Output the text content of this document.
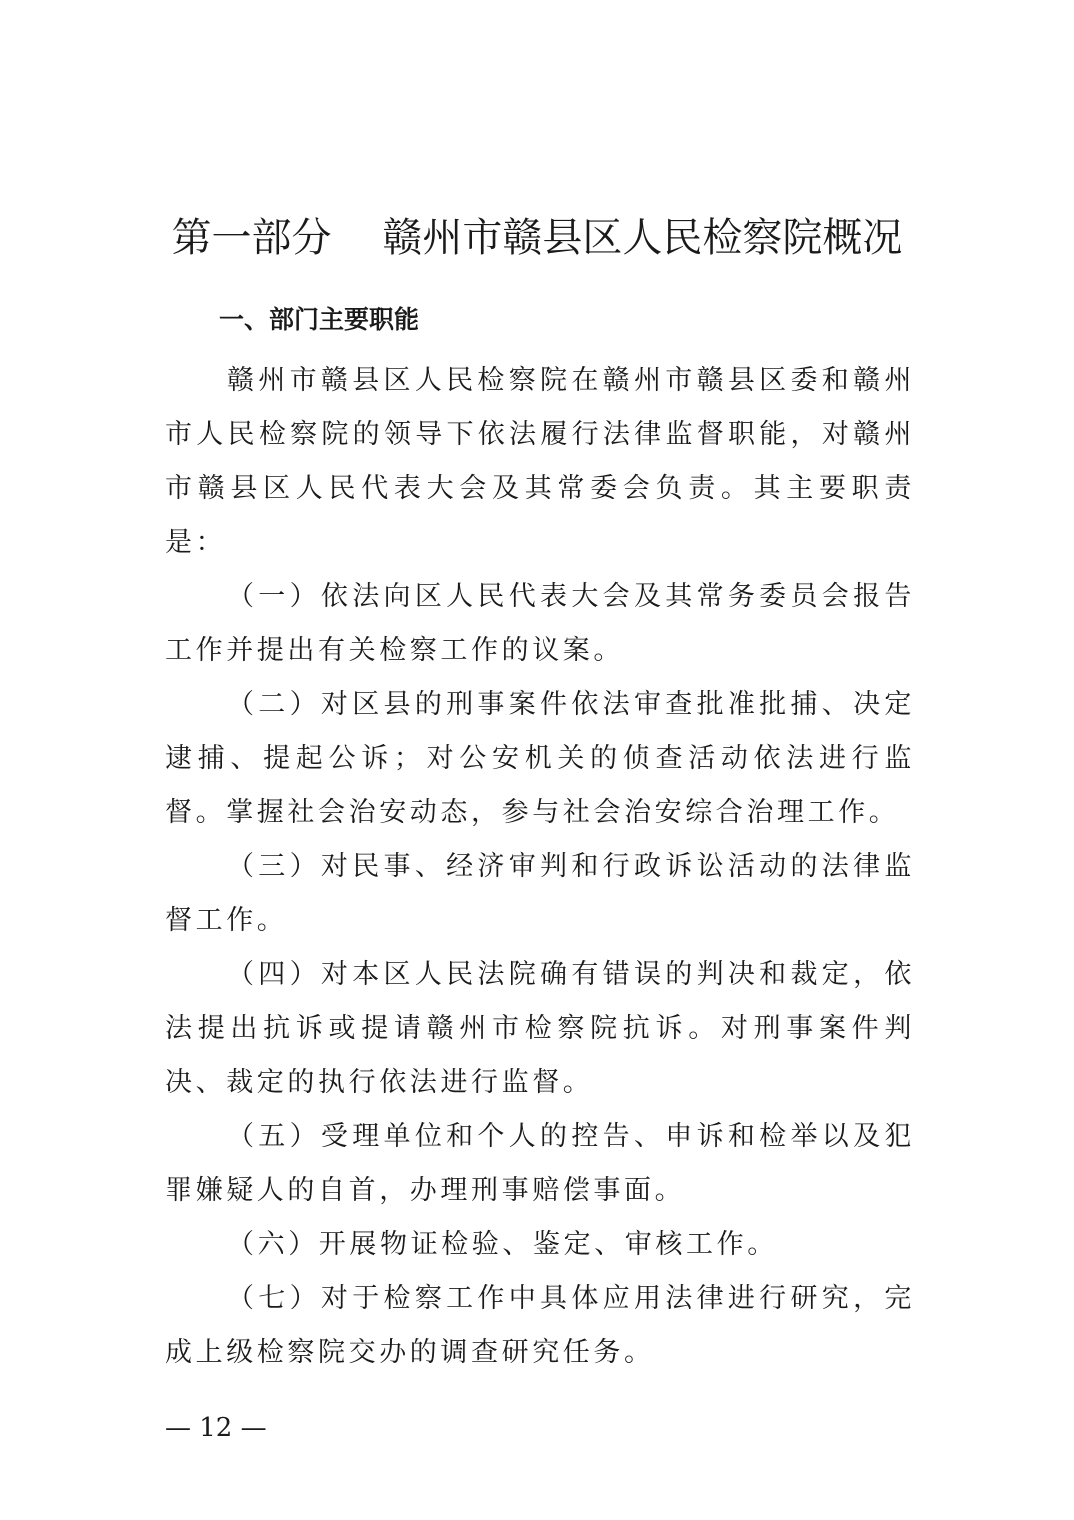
第一部分    赣州市赣县区人民检察院概况
一、部门主要职能

赣州市赣县区人民检察院在赣州市赣县区委和赣州市人民检察院的领导下依法履行法律监督职能，对赣州市赣县区人民代表大会及其常委会负责。其主要职责是：

（一）依法向区人民代表大会及其常务委员会报告工作并提出有关检察工作的议案。

（二）对区县的刑事案件依法审查批准批捕、决定逮捕、提起公诉；对公安机关的侦查活动依法进行监督。掌握社会治安动态，参与社会治安综合治理工作。

（三）对民事、经济审判和行政诉讼活动的法律监督工作。

（四）对本区人民法院确有错误的判决和裁定，依法提出抗诉或提请赣州市检察院抗诉。对刑事案件判决、裁定的执行依法进行监督。

（五）受理单位和个人的控告、申诉和检举以及犯罪嫌疑人的自首，办理刑事赔偿事面。

（六）开展物证检验、鉴定、审核工作。

（七）对于检察工作中具体应用法律进行研究，完成上级检察院交办的调查研究任务。

— 12 —
